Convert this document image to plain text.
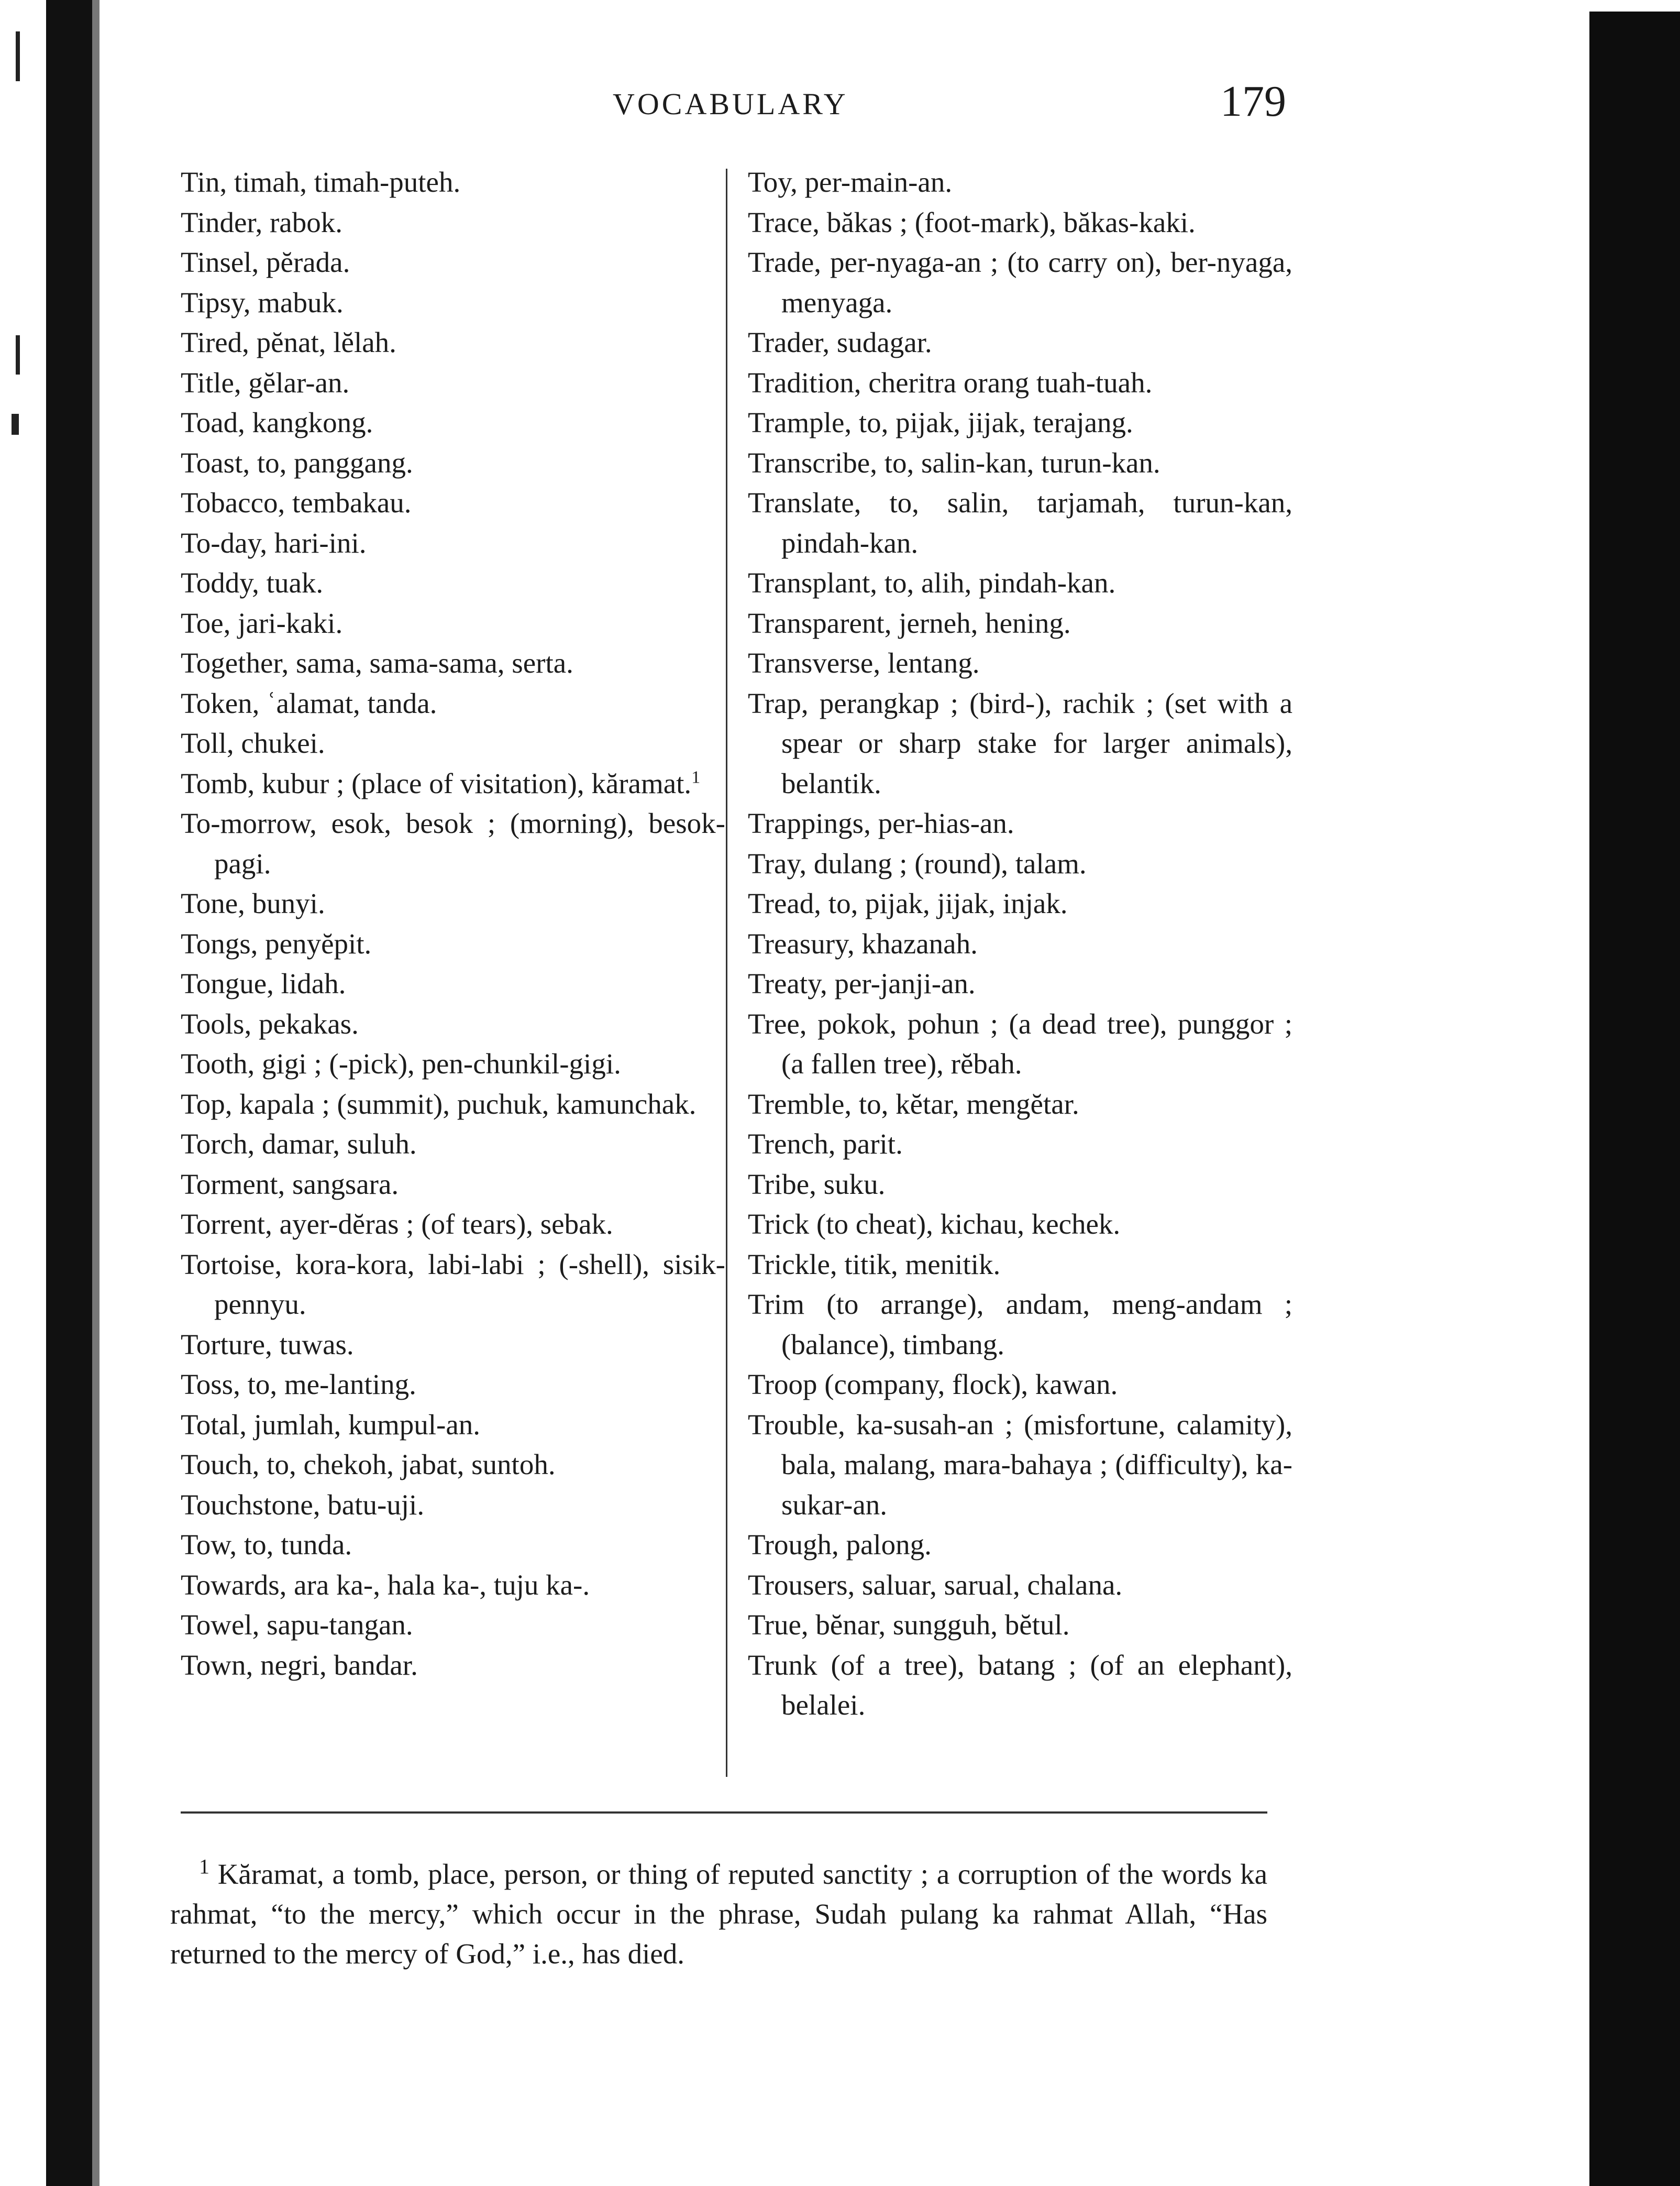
VOCABULARY	179
Tin, timah, timah-puteh.
Tinder, rabok.
Tinsel, pĕrada.
Tipsy, mabuk.
Tired, pĕnat, lĕlah.
Title, gĕlar-an.
Toad, kangkong.
Toast, to, panggang.
Tobacco, tembakau.
To-day, hari-ini.
Toddy, tuak.
Toe, jari-kaki.
Together, sama, sama-sama, serta.
Token, ʿalamat, tanda.
Toll, chukei.
Tomb, kubur ; (place of visitation), kăramat.$^1$
To-morrow, esok, besok ; (morning), besok-pagi.
Tone, bunyi.
Tongs, penyĕpit.
Tongue, lidah.
Tools, pekakas.
Tooth, gigi ; (-pick), pen-chunkil-gigi.
Top, kapala ; (summit), puchuk, kamunchak.
Torch, damar, suluh.
Torment, sangsara.
Torrent, ayer-dĕras ; (of tears), sebak.
Tortoise, kora-kora, labi-labi ; (-shell), sisik-pennyu.
Torture, tuwas.
Toss, to, me-lanting.
Total, jumlah, kumpul-an.
Touch, to, chekoh, jabat, suntoh.
Touchstone, batu-uji.
Tow, to, tunda.
Towards, ara ka-, hala ka-, tuju ka-.
Towel, sapu-tangan.
Town, negri, bandar.
Toy, per-main-an.
Trace, băkas ; (foot-mark), băkas-kaki.
Trade, per-nyaga-an ; (to carry on), ber-nyaga, menyaga.
Trader, sudagar.
Tradition, cheritra orang tuah-tuah.
Trample, to, pijak, jijak, terajang.
Transcribe, to, salin-kan, turun-kan.
Translate, to, salin, tarjamah, turun-kan, pindah-kan.
Transplant, to, alih, pindah-kan.
Transparent, jerneh, hening.
Transverse, lentang.
Trap, perangkap ; (bird-), rachik ; (set with a spear or sharp stake for larger animals), belantik.
Trappings, per-hias-an.
Tray, dulang ; (round), talam.
Tread, to, pijak, jijak, injak.
Treasury, khazanah.
Treaty, per-janji-an.
Tree, pokok, pohun ; (a dead tree), punggor ; (a fallen tree), rĕbah.
Tremble, to, kĕtar, mengĕtar.
Trench, parit.
Tribe, suku.
Trick (to cheat), kichau, kechek.
Trickle, titik, menitik.
Trim (to arrange), andam, meng-andam ; (balance), timbang.
Troop (company, flock), kawan.
Trouble, ka-susah-an ; (misfortune, calamity), bala, malang, mara-bahaya ; (difficulty), ka-sukar-an.
Trough, palong.
Trousers, saluar, sarual, chalana.
True, bĕnar, sungguh, bĕtul.
Trunk (of a tree), batang ; (of an elephant), belalei.
$^1$ Kăramat, a tomb, place, person, or thing of reputed sanctity ; a corruption of the words ka rahmat, “to the mercy,” which occur in the phrase, Sudah pulang ka rahmat Allah, “Has returned to the mercy of God,” i.e., has died.
